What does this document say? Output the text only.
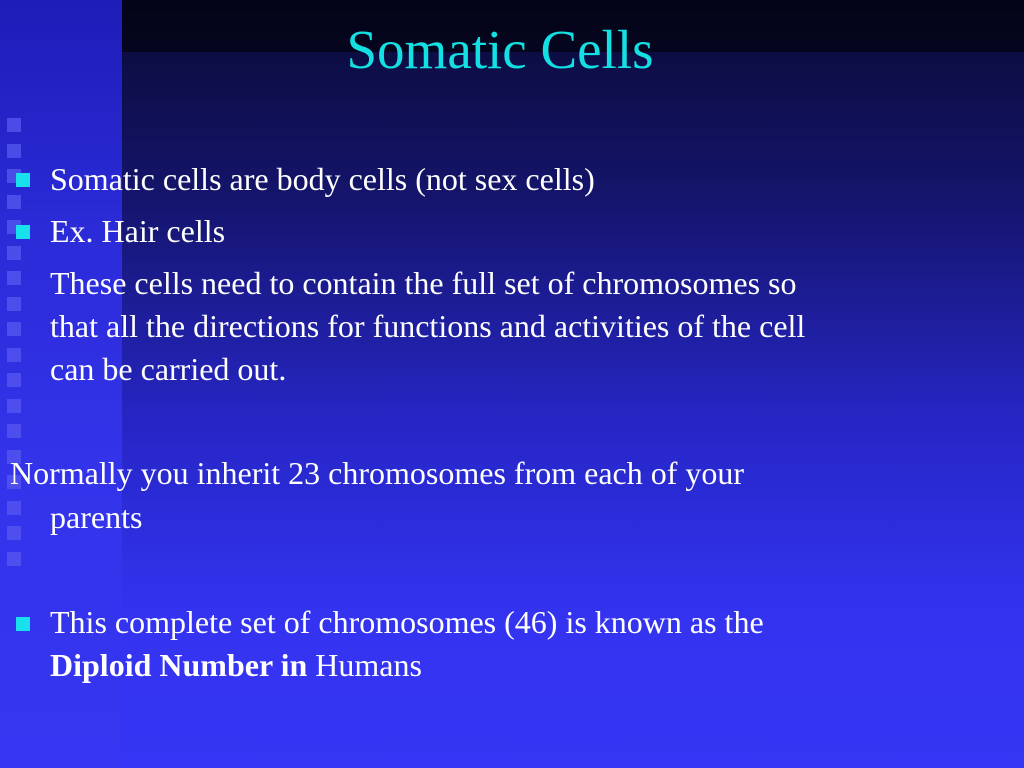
Somatic Cells
Somatic cells are body cells (not sex cells)
Ex. Hair cells
These cells need to contain the full set of chromosomes so
that all the directions for functions and activities of the cell
can be carried out.
Normally you inherit 23 chromosomes from each of your
parents
This complete set of chromosomes (46) is known as the
Diploid Number in Humans
